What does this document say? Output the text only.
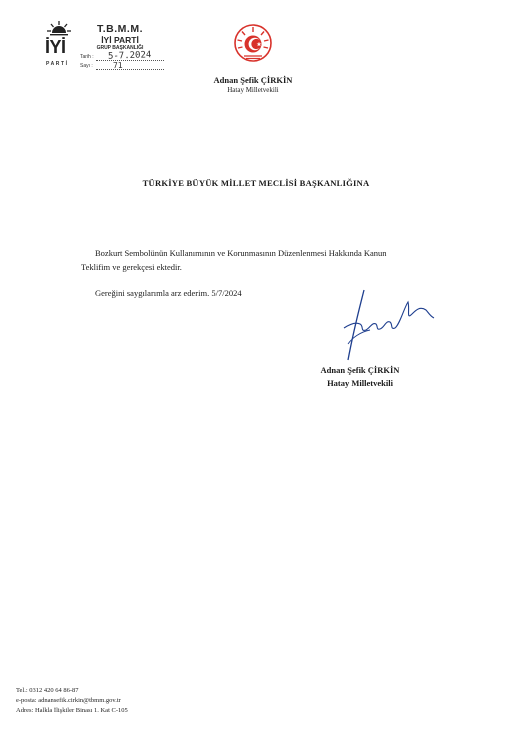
İYİ
PARTİ
T.B.M.M.
İYİ PARTİ
GRUP BAŞKANLIĞI
Tarih : 5-7.2024
Sayı :	71
Adnan Şefik ÇİRKİN
Hatay Milletvekili
TÜRKİYE BÜYÜK MİLLET MECLİSİ BAŞKANLIĞINA
Bozkurt Sembolünün Kullanımının ve Korunmasının Düzenlenmesi Hakkında Kanun Teklifim ve gerekçesi ektedir.
Gereğini saygılarımla arz ederim. 5/7/2024
Adnan Şefik ÇİRKİN
Hatay Milletvekili
Tel.: 0312 420 64 86-87
e-posta: adnansefik.cirkin@tbmm.gov.tr
Adres: Halkla İlişkiler Binası 1. Kat C-105
